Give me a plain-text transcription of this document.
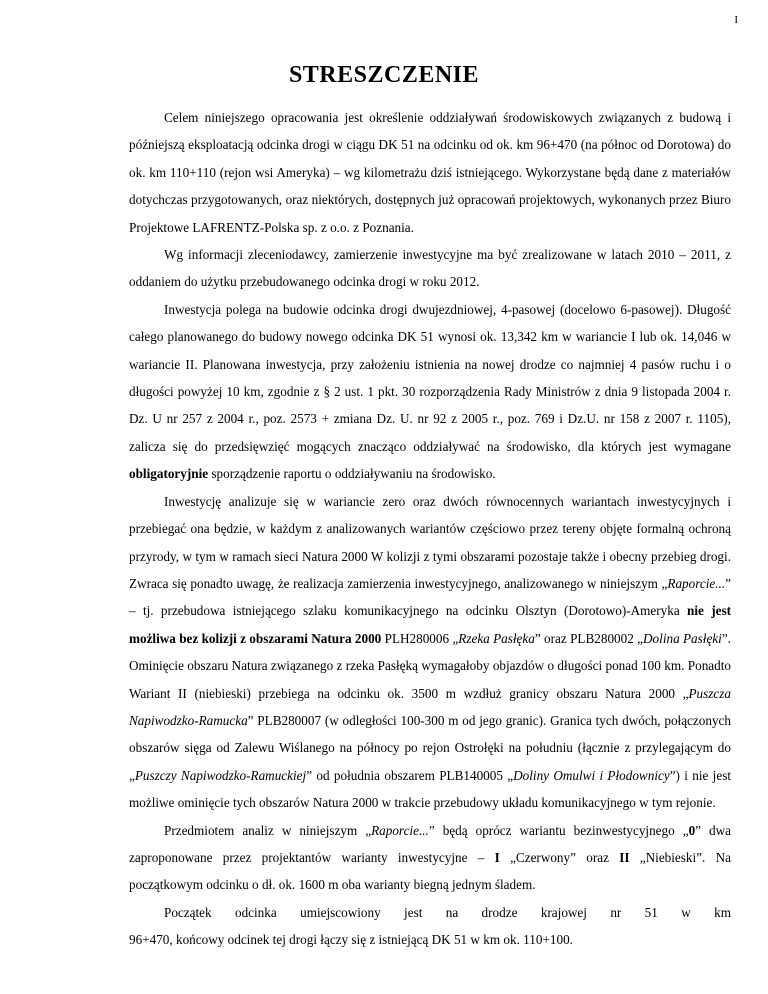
I
STRESZCZENIE

Celem niniejszego opracowania jest określenie oddziaływań środowiskowych związanych z budową i późniejszą eksploatacją odcinka drogi w ciągu DK 51 na odcinku od ok. km 96+470 (na północ od Dorotowa) do ok. km 110+110 (rejon wsi Ameryka) – wg kilometrażu dziś istniejącego. Wykorzystane będą dane z materiałów dotychczas przygotowanych, oraz niektórych, dostępnych już opracowań projektowych, wykonanych przez Biuro Projektowe LAFRENTZ-Polska sp. z o.o. z Poznania.

Wg informacji zleceniodawcy, zamierzenie inwestycyjne ma być zrealizowane w latach 2010 – 2011, z oddaniem do użytku przebudowanego odcinka drogi w roku 2012.

Inwestycja polega na budowie odcinka drogi dwujezdniowej, 4-pasowej (docelowo 6-pasowej). Długość całego planowanego do budowy nowego odcinka DK 51 wynosi ok. 13,342 km w wariancie I lub ok. 14,046 w wariancie II. Planowana inwestycja, przy założeniu istnienia na nowej drodze co najmniej 4 pasów ruchu i o długości powyżej 10 km, zgodnie z § 2 ust. 1 pkt. 30 rozporządzenia Rady Ministrów z dnia 9 listopada 2004 r. Dz. U nr 257 z 2004 r., poz. 2573 + zmiana Dz. U. nr 92 z 2005 r., poz. 769 i Dz.U. nr 158 z 2007 r. 1105), zalicza się do przedsięwzięć mogących znacząco oddziaływać na środowisko, dla których jest wymagane obligatoryjnie sporządzenie raportu o oddziaływaniu na środowisko.

Inwestycję analizuje się w wariancie zero oraz dwóch równocennych wariantach inwestycyjnych i przebiegać ona będzie, w każdym z analizowanych wariantów częściowo przez tereny objęte formalną ochroną przyrody, w tym w ramach sieci Natura 2000 W kolizji z tymi obszarami pozostaje także i obecny przebieg drogi. Zwraca się ponadto uwagę, że realizacja zamierzenia inwestycyjnego, analizowanego w niniejszym „Raporcie...” – tj. przebudowa istniejącego szlaku komunikacyjnego na odcinku Olsztyn (Dorotowo)-Ameryka nie jest możliwa bez kolizji z obszarami Natura 2000 PLH280006 „Rzeka Pasłęka” oraz PLB280002 „Dolina Pasłęki”. Ominięcie obszaru Natura związanego z rzeka Pasłęką wymagałoby objazdów o długości ponad 100 km. Ponadto Wariant II (niebieski) przebiega na odcinku ok. 3500 m wzdłuż granicy obszaru Natura 2000 „Puszcza Napiwodzko-Ramucka” PLB280007 (w odległości 100-300 m od jego granic). Granica tych dwóch, połączonych obszarów sięga od Zalewu Wiślanego na północy po rejon Ostrołęki na południu (łącznie z przylegającym do „Puszczy Napiwodzko-Ramuckiej” od południa obszarem PLB140005 „Doliny Omulwi i Płodownicy”) i nie jest możliwe ominięcie tych obszarów Natura 2000 w trakcie przebudowy układu komunikacyjnego w tym rejonie.

Przedmiotem analiz w niniejszym „Raporcie...” będą oprócz wariantu bezinwestycyjnego „0” dwa zaproponowane przez projektantów warianty inwestycyjne – I „Czerwony” oraz II „Niebieski”. Na początkowym odcinku o dł. ok. 1600 m oba warianty biegną jednym śladem.

Początek odcinka umiejscowiony jest na drodze krajowej nr 51 w km

96+470, końcowy odcinek tej drogi łączy się z istniejącą DK 51 w km ok. 110+100.
